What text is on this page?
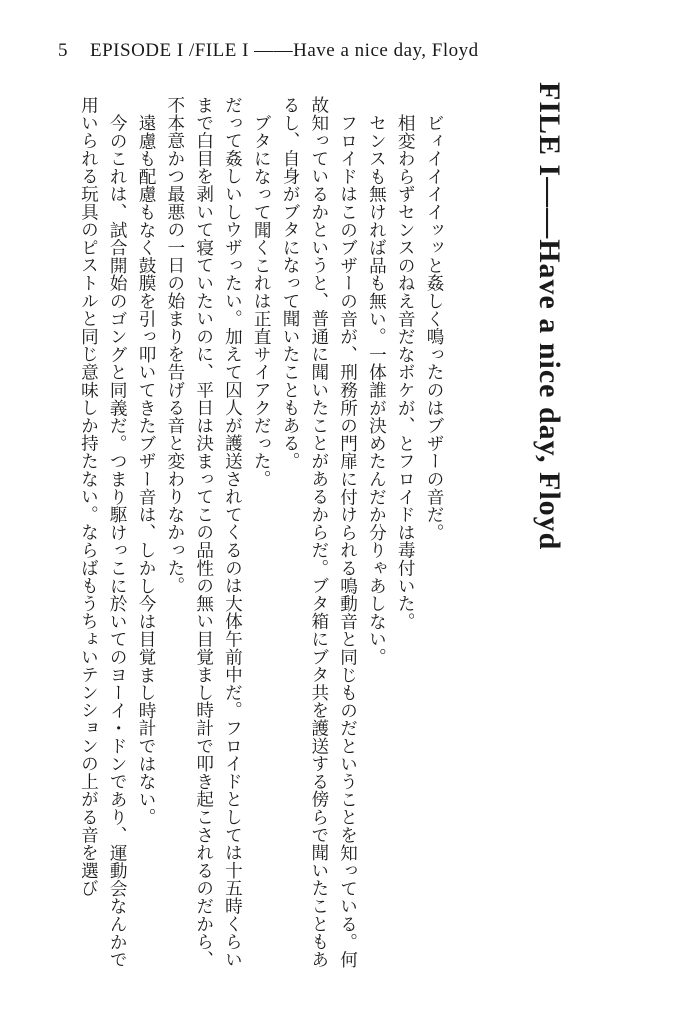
5 EPISODE I /FILE I ――Have a nice day, Floyd
FILE I――Have a nice day, Floyd

ビィイイイイッッと姦しく鳴ったのはブザーの音だ。

相変わらずセンスのねえ音だなボケが、とフロイドは毒付いた。

センスも無ければ品も無い。一体誰が決めたんだか分りゃあしない。

フロイドはこのブザーの音が、刑務所の門扉に付けられる鳴動音と同じものだということを知っている。何故知っているかというと、普通に聞いたことがあるからだ。ブタ箱にブタ共を護送する傍らで聞いたこともあるし、自身がブタになって聞いたこともある。

ブタになって聞くこれは正直サイアクだった。

だって姦しいしウザったい。加えて囚人が護送されてくるのは大体午前中だ。フロイドとしては十五時くらいまで白目を剥いて寝ていたいのに、平日は決まってこの品性の無い目覚まし時計で叩き起こされるのだから、不本意かつ最悪の一日の始まりを告げる音と変わりなかった。

遠慮も配慮もなく鼓膜を引っ叩いてきたブザー音は、しかし今は目覚まし時計ではない。

今のこれは、試合開始のゴングと同義だ。つまり駆けっこに於いてのヨーイ・ドンであり、運動会なんかで用いられる玩具のピストルと同じ意味しか持たない。ならばもうちょいテンションの上がる音を選び
